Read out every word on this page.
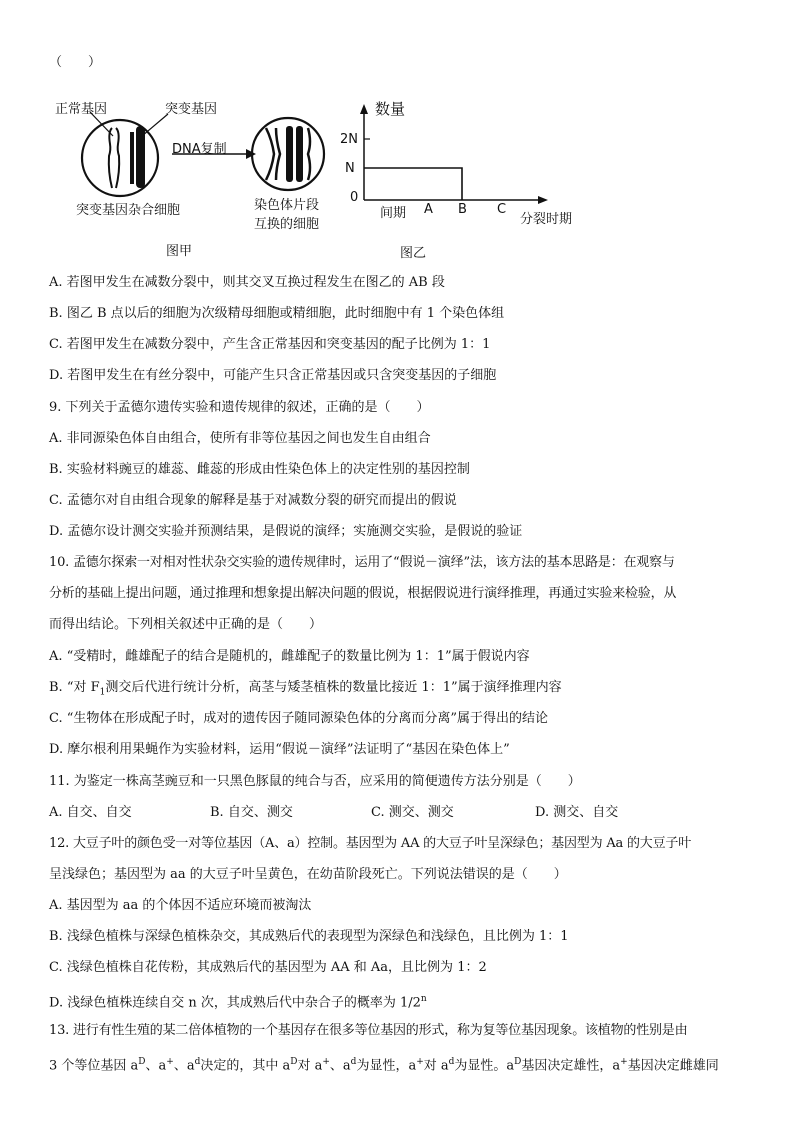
（　　）
正常基因	突变基因
DNA复制
突变基因杂合细胞	染色体片段
互换的细胞
图甲
数量
2N
N
0
间期 A B C
分裂时期
图乙
A. 若图甲发生在减数分裂中，则其交叉互换过程发生在图乙的 AB 段
B. 图乙 B 点以后的细胞为次级精母细胞或精细胞，此时细胞中有 1 个染色体组
C. 若图甲发生在减数分裂中，产生含正常基因和突变基因的配子比例为 1：1
D. 若图甲发生在有丝分裂中，可能产生只含正常基因或只含突变基因的子细胞
9. 下列关于孟德尔遗传实验和遗传规律的叙述，正确的是（　　）
A. 非同源染色体自由组合，使所有非等位基因之间也发生自由组合
B. 实验材料豌豆的雄蕊、雌蕊的形成由性染色体上的决定性别的基因控制
C. 孟德尔对自由组合现象的解释是基于对减数分裂的研究而提出的假说
D. 孟德尔设计测交实验并预测结果，是假说的演绎；实施测交实验，是假说的验证
10. 孟德尔探索一对相对性状杂交实验的遗传规律时，运用了“假说－演绎”法，该方法的基本思路是：在观察与
分析的基础上提出问题，通过推理和想象提出解决问题的假说，根据假说进行演绎推理，再通过实验来检验，从
而得出结论。下列相关叙述中正确的是（　　）
A. “受精时，雌雄配子的结合是随机的，雌雄配子的数量比例为 1：1”属于假说内容
B. “对 $F_1$测交后代进行统计分析，高茎与矮茎植株的数量比接近 1：1”属于演绎推理内容
C. “生物体在形成配子时，成对的遗传因子随同源染色体的分离而分离”属于得出的结论
D. 摩尔根利用果蝇作为实验材料，运用“假说－演绎”法证明了“基因在染色体上”
11. 为鉴定一株高茎豌豆和一只黑色豚鼠的纯合与否，应采用的简便遗传方法分别是（　　）
A. 自交、自交	B. 自交、测交	C. 测交、测交	D. 测交、自交
12. 大豆子叶的颜色受一对等位基因（A、a）控制。基因型为 AA 的大豆子叶呈深绿色；基因型为 Aa 的大豆子叶
呈浅绿色；基因型为 aa 的大豆子叶呈黄色，在幼苗阶段死亡。下列说法错误的是（　　）
A. 基因型为 aa 的个体因不适应环境而被淘汰
B. 浅绿色植株与深绿色植株杂交，其成熟后代的表现型为深绿色和浅绿色，且比例为 1：1
C. 浅绿色植株自花传粉，其成熟后代的基因型为 AA 和 Aa，且比例为 1：2
D. 浅绿色植株连续自交 n 次，其成熟后代中杂合子的概率为 1/2$^n$
13. 进行有性生殖的某二倍体植物的一个基因存在很多等位基因的形式，称为复等位基因现象。该植物的性别是由
3 个等位基因 $a^D$、a+、$a^d$决定的，其中 $a^D$对 a+、$a^d$为显性，a+对 $a^d$为显性。$a^D$基因决定雄性，a+基因决定雌雄同
